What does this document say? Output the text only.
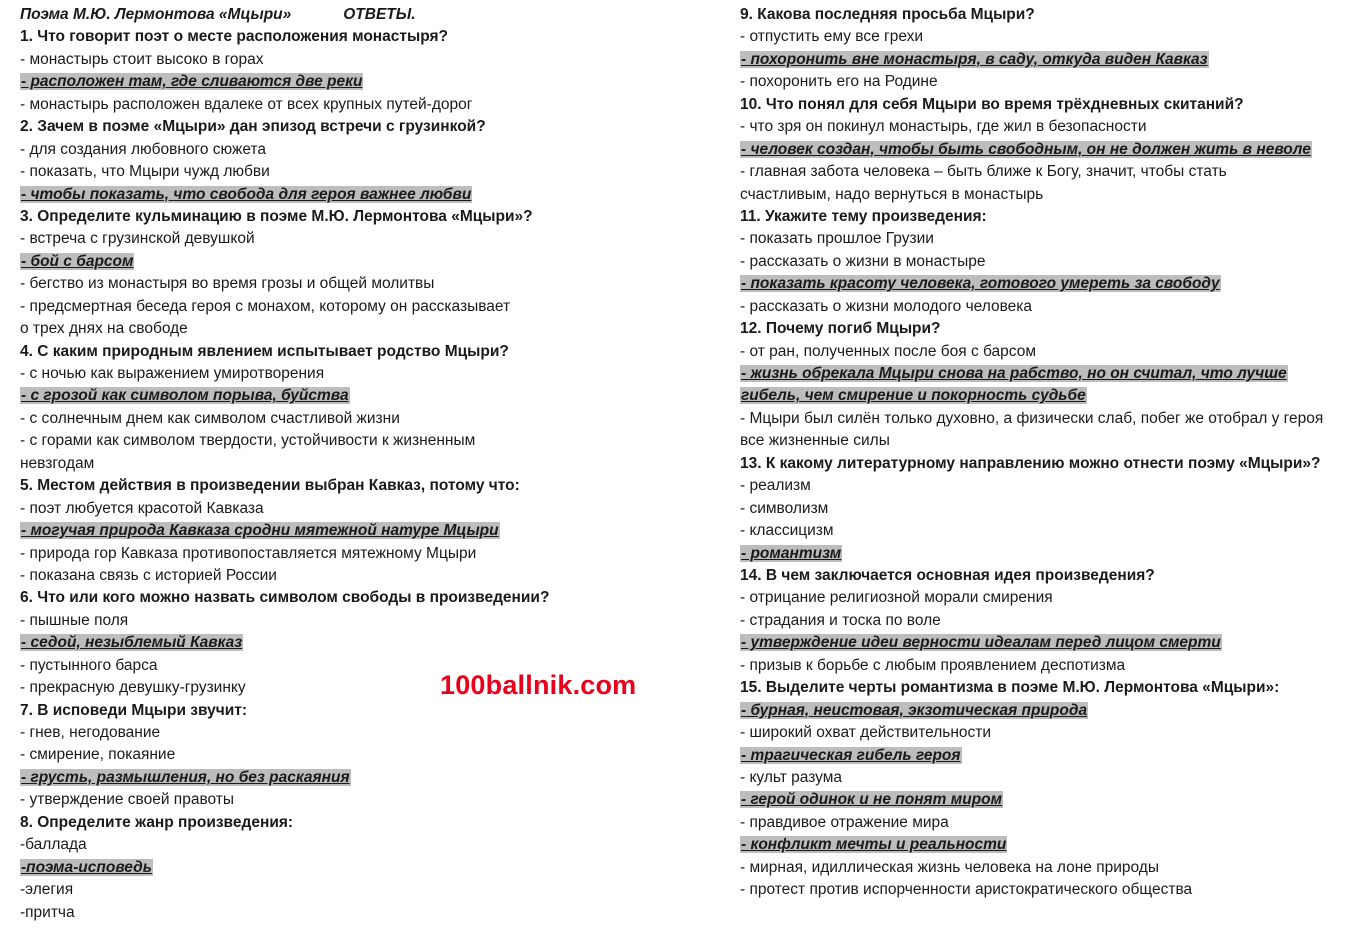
Поэма М.Ю. Лермонтова «Мцыри»	ОТВЕТЫ.
1. Что говорит поэт о месте расположения монастыря?
- монастырь стоит высоко в горах
- расположен там, где сливаются две реки
- монастырь расположен вдалеке от всех крупных путей-дорог
2. Зачем в поэме «Мцыри» дан эпизод встречи с грузинкой?
- для создания любовного сюжета
- показать, что Мцыри чужд любви
- чтобы показать, что свобода для героя важнее любви
3. Определите кульминацию в поэме М.Ю. Лермонтова «Мцыри»?
- встреча с грузинской девушкой
- бой с барсом
- бегство из монастыря во время грозы и общей молитвы
- предсмертная беседа героя с монахом, которому он рассказывает
о трех днях на свободе
4. С каким природным явлением испытывает родство Мцыри?
- с ночью как выражением умиротворения
- с грозой как символом порыва, буйства
- с солнечным днем как символом счастливой жизни
- с горами как символом твердости, устойчивости к жизненным
невзгодам
5. Местом действия в произведении выбран Кавказ, потому что:
- поэт любуется красотой Кавказа
- могучая природа Кавказа сродни мятежной натуре Мцыри
- природа гор Кавказа противопоставляется мятежному Мцыри
- показана связь с историей России
6. Что или кого можно назвать символом свободы в произведении?
- пышные поля
- седой, незыблемый Кавказ
- пустынного барса
- прекрасную девушку-грузинку
7. В исповеди Мцыри звучит:
- гнев, негодование
- смирение, покаяние
- грусть, размышления, но без раскаяния
- утверждение своей правоты
8. Определите жанр произведения:
-баллада
-поэма-исповедь
-элегия
-притча
9. Какова последняя просьба Мцыри?
- отпустить ему все грехи
- похоронить вне монастыря, в саду, откуда виден Кавказ
- похоронить его на Родине
10. Что понял для себя Мцыри во время трёхдневных скитаний?
- что зря он покинул монастырь, где жил в безопасности
- человек создан, чтобы быть свободным, он не должен жить в неволе
- главная забота человека – быть ближе к Богу, значит, чтобы стать счастливым, надо вернуться в монастырь
11. Укажите тему произведения:
- показать прошлое Грузии
- рассказать о жизни в монастыре
- показать красоту человека, готового умереть за свободу
- рассказать о жизни молодого человека
12. Почему погиб Мцыри?
- от ран, полученных после боя с барсом
- жизнь обрекала Мцыри снова на рабство, но он считал, что лучше гибель, чем смирение и покорность судьбе
- Мцыри был силён только духовно, а физически слаб, побег же отобрал у героя все жизненные силы
13. К какому литературному направлению можно отнести поэму «Мцыри»?
- реализм
- символизм
- классицизм
- романтизм
14. В чем заключается основная идея произведения?
- отрицание религиозной морали смирения
- страдания и тоска по воле
- утверждение идеи верности идеалам перед лицом смерти
- призыв к борьбе с любым проявлением деспотизма
15. Выделите черты романтизма в поэме М.Ю. Лермонтова «Мцыри»:
- бурная, неистовая, экзотическая природа
- широкий охват действительности
- трагическая гибель героя
- культ разума
- герой одинок и не понят миром
- правдивое отражение мира
- конфликт мечты и реальности
- мирная, идиллическая жизнь человека на лоне природы
- протест против испорченности аристократического общества
100ballnik.com
